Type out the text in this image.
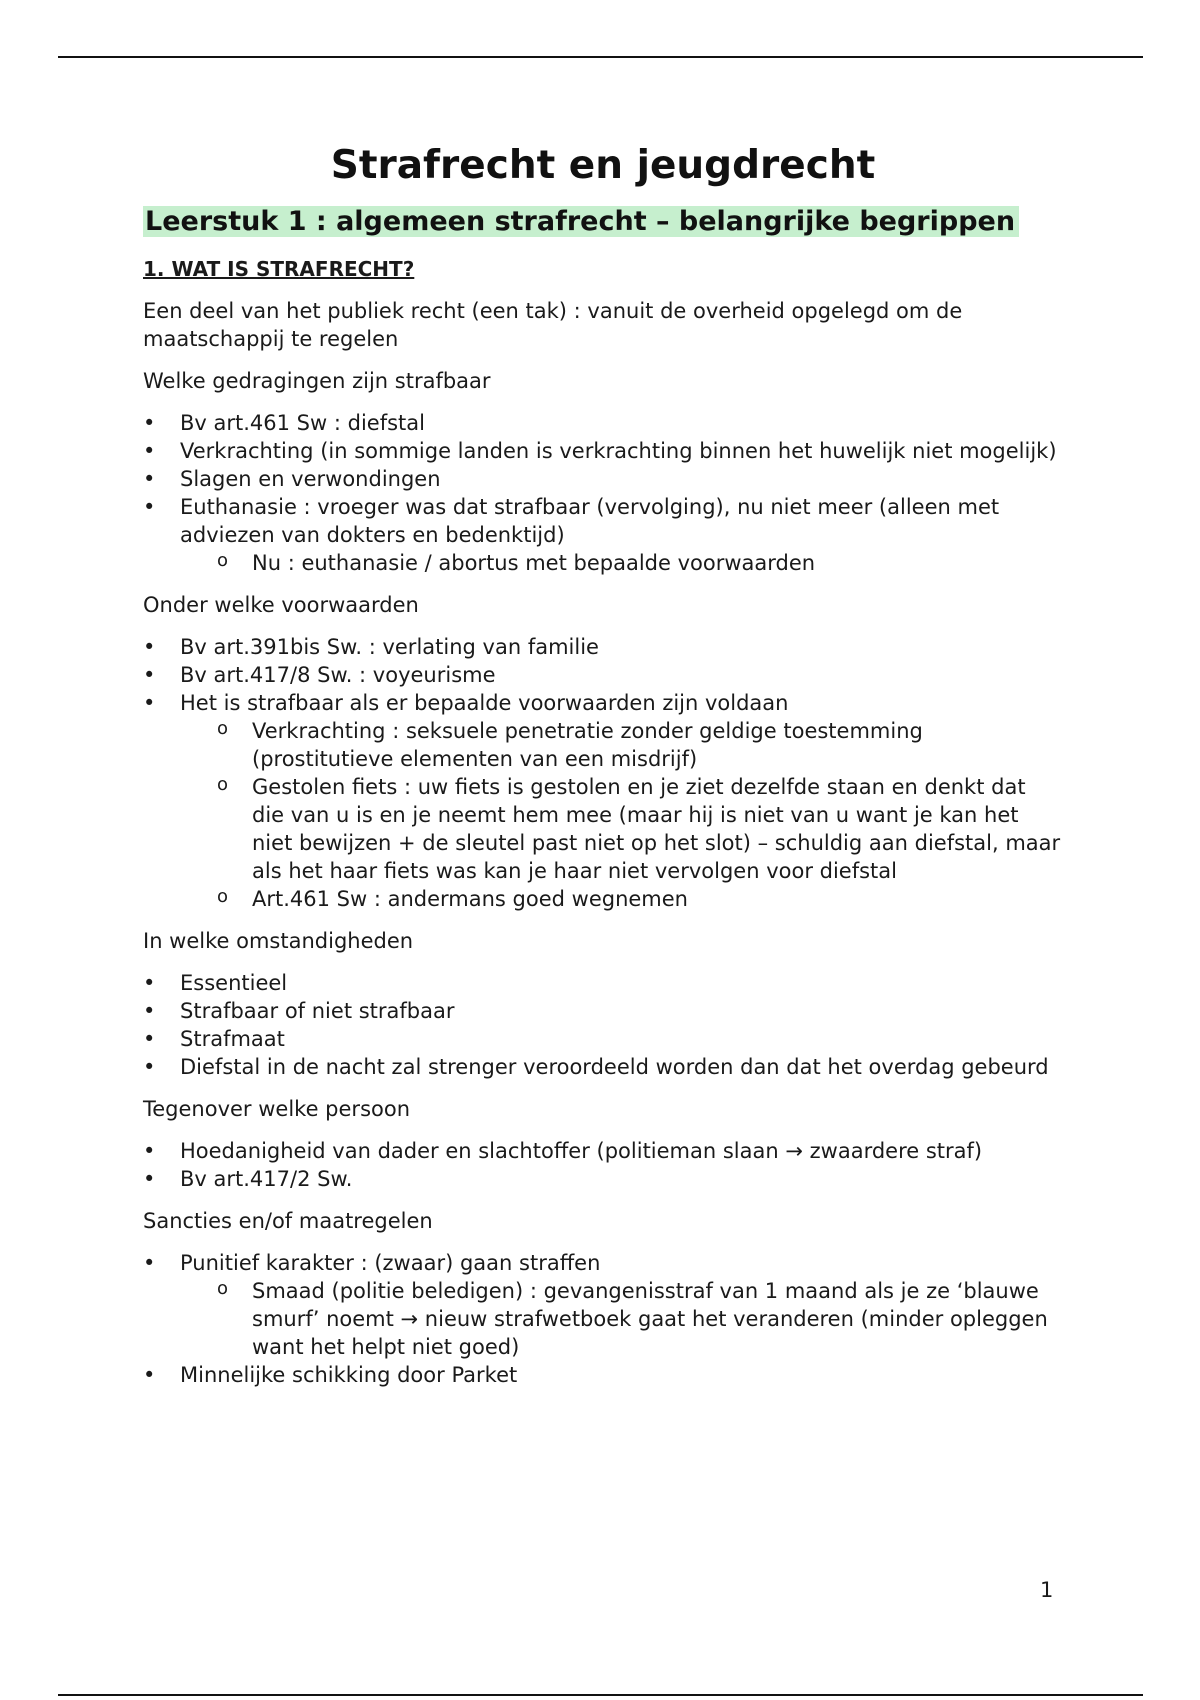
Strafrecht en jeugdrecht
Leerstuk 1 : algemeen strafrecht – belangrijke begrippen
1. WAT IS STRAFRECHT?

Een deel van het publiek recht (een tak) : vanuit de overheid opgelegd om de maatschappij te regelen

Welke gedragingen zijn strafbaar

•	Bv art.461 Sw : diefstal
•	Verkrachting (in sommige landen is verkrachting binnen het huwelijk niet mogelijk)
•	Slagen en verwondingen
•	Euthanasie : vroeger was dat strafbaar (vervolging), nu niet meer (alleen met adviezen van dokters en bedenktijd)
o Nu : euthanasie / abortus met bepaalde voorwaarden

Onder welke voorwaarden

•	Bv art.391bis Sw. : verlating van familie
•	Bv art.417/8 Sw. : voyeurisme
•	Het is strafbaar als er bepaalde voorwaarden zijn voldaan
o Verkrachting : seksuele penetratie zonder geldige toestemming (prostitutieve elementen van een misdrijf)
o Gestolen fiets : uw fiets is gestolen en je ziet dezelfde staan en denkt dat die van u is en je neemt hem mee (maar hij is niet van u want je kan het niet bewijzen + de sleutel past niet op het slot) – schuldig aan diefstal, maar als het haar fiets was kan je haar niet vervolgen voor diefstal
o Art.461 Sw : andermans goed wegnemen

In welke omstandigheden

•	Essentieel
•	Strafbaar of niet strafbaar
•	Strafmaat
•	Diefstal in de nacht zal strenger veroordeeld worden dan dat het overdag gebeurd

Tegenover welke persoon

•	Hoedanigheid van dader en slachtoffer (politieman slaan → zwaardere straf)
•	Bv art.417/2 Sw.

Sancties en/of maatregelen

•	Punitief karakter : (zwaar) gaan straffen
o Smaad (politie beledigen) : gevangenisstraf van 1 maand als je ze ‘blauwe smurf’ noemt → nieuw strafwetboek gaat het veranderen (minder opleggen want het helpt niet goed)
•	Minnelijke schikking door Parket
1
